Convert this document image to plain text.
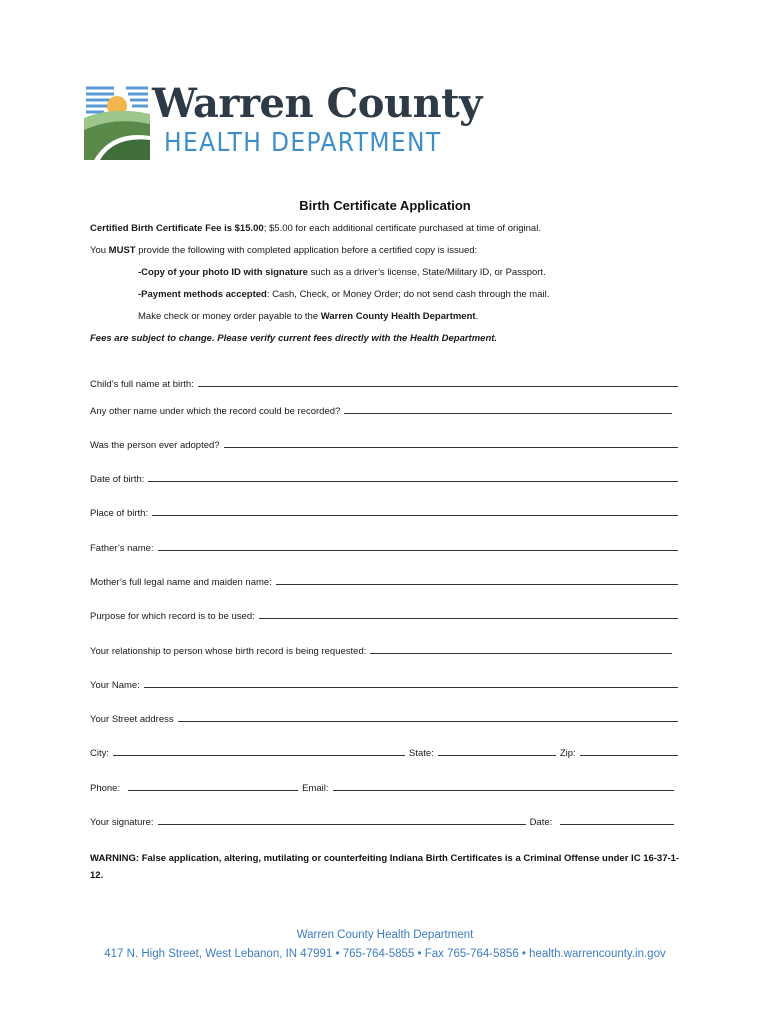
Warren County
HEALTH DEPARTMENT
Birth Certificate Application
Certified Birth Certificate Fee is $15.00; $5.00 for each additional certificate purchased at time of original.
You MUST provide the following with completed application before a certified copy is issued:
-Copy of your photo ID with signature such as a driver’s license, State/Military ID, or Passport.
-Payment methods accepted: Cash, Check, or Money Order; do not send cash through the mail.
Make check or money order payable to the Warren County Health Department.
Fees are subject to change. Please verify current fees directly with the Health Department.
Child’s full name at birth:
Any other name under which the record could be recorded?
Was the person ever adopted?
Date of birth:
Place of birth:
Father’s name:
Mother’s full legal name and maiden name:
Purpose for which record is to be used:
Your relationship to person whose birth record is being requested:
Your Name:
Your Street address
City:	State:	Zip:
Phone:	Email:
Your signature:	Date:
WARNING: False application, altering, mutilating or counterfeiting Indiana Birth Certificates is a Criminal Offense under IC 16-37-1-12.
Warren County Health Department
417 N. High Street, West Lebanon, IN 47991 • 765-764-5855 • Fax 765-764-5856 • health.warrencounty.in.gov
